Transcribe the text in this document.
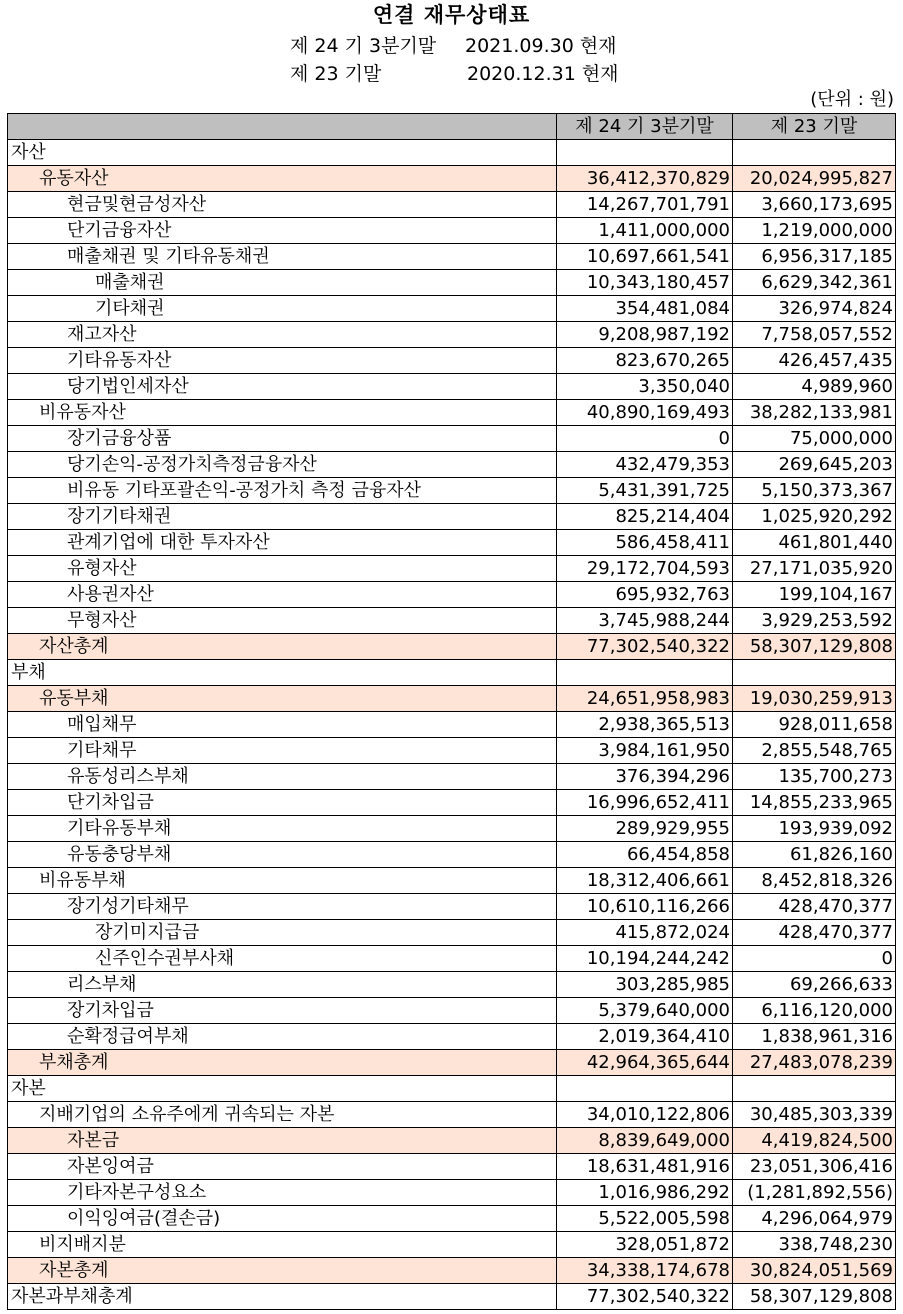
연결 재무상태표
제 24 기 3분기말 2021.09.30 현재
제 23 기말	2020.12.31 현재
(단위 : 원)
	제 24 기 3분기말	제 23 기말
자산		
유동자산	36,412,370,829	20,024,995,827
현금및현금성자산	14,267,701,791	3,660,173,695
단기금융자산	1,411,000,000	1,219,000,000
매출채권 및 기타유동채권	10,697,661,541	6,956,317,185
매출채권	10,343,180,457	6,629,342,361
기타채권	354,481,084	326,974,824
재고자산	9,208,987,192	7,758,057,552
기타유동자산	823,670,265	426,457,435
당기법인세자산	3,350,040	4,989,960
비유동자산	40,890,169,493	38,282,133,981
장기금융상품	0	75,000,000
당기손익-공정가치측정금융자산	432,479,353	269,645,203
비유동 기타포괄손익-공정가치 측정 금융자산	5,431,391,725	5,150,373,367
장기기타채권	825,214,404	1,025,920,292
관계기업에 대한 투자자산	586,458,411	461,801,440
유형자산	29,172,704,593	27,171,035,920
사용권자산	695,932,763	199,104,167
무형자산	3,745,988,244	3,929,253,592
자산총계	77,302,540,322	58,307,129,808
부채		
유동부채	24,651,958,983	19,030,259,913
매입채무	2,938,365,513	928,011,658
기타채무	3,984,161,950	2,855,548,765
유동성리스부채	376,394,296	135,700,273
단기차입금	16,996,652,411	14,855,233,965
기타유동부채	289,929,955	193,939,092
유동충당부채	66,454,858	61,826,160
비유동부채	18,312,406,661	8,452,818,326
장기성기타채무	10,610,116,266	428,470,377
장기미지급금	415,872,024	428,470,377
신주인수권부사채	10,194,244,242	0
리스부채	303,285,985	69,266,633
장기차입금	5,379,640,000	6,116,120,000
순확정급여부채	2,019,364,410	1,838,961,316
부채총계	42,964,365,644	27,483,078,239
자본		
지배기업의 소유주에게 귀속되는 자본	34,010,122,806	30,485,303,339
자본금	8,839,649,000	4,419,824,500
자본잉여금	18,631,481,916	23,051,306,416
기타자본구성요소	1,016,986,292	(1,281,892,556)
이익잉여금(결손금)	5,522,005,598	4,296,064,979
비지배지분	328,051,872	338,748,230
자본총계	34,338,174,678	30,824,051,569
자본과부채총계	77,302,540,322	58,307,129,808
